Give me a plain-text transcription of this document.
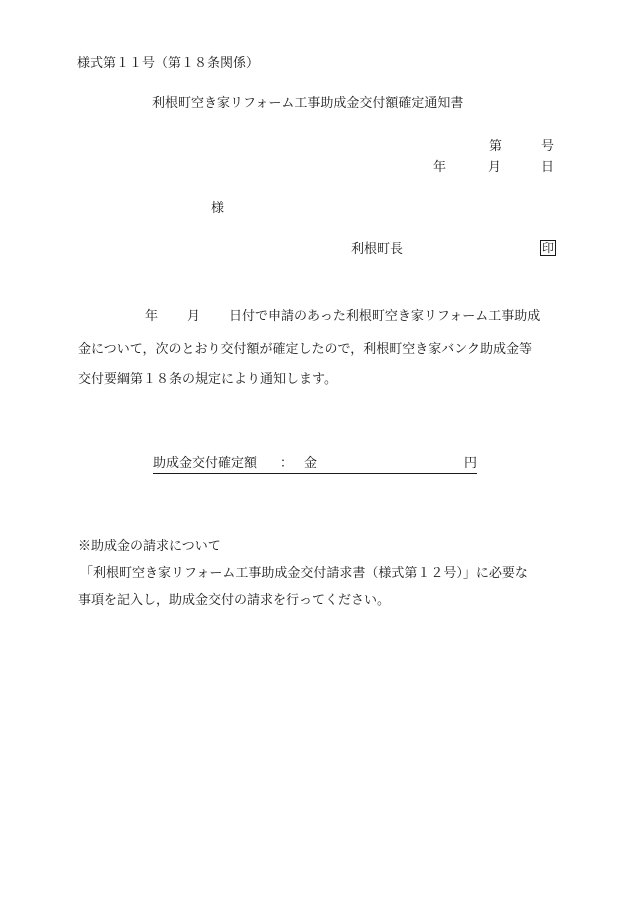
様式第１１号（第１８条関係）
利根町空き家リフォーム工事助成金交付額確定通知書
第	号
年	月	日
様
利根町長	印
年 月 日付で申請のあった利根町空き家リフォーム工事助成
金について，次のとおり交付額が確定したので，利根町空き家バンク助成金等
交付要綱第１８条の規定により通知します。
助成金交付確定額 ： 金	円
※助成金の請求について
「利根町空き家リフォーム工事助成金交付請求書（様式第１２号）」に必要な
事項を記入し，助成金交付の請求を行ってください。
